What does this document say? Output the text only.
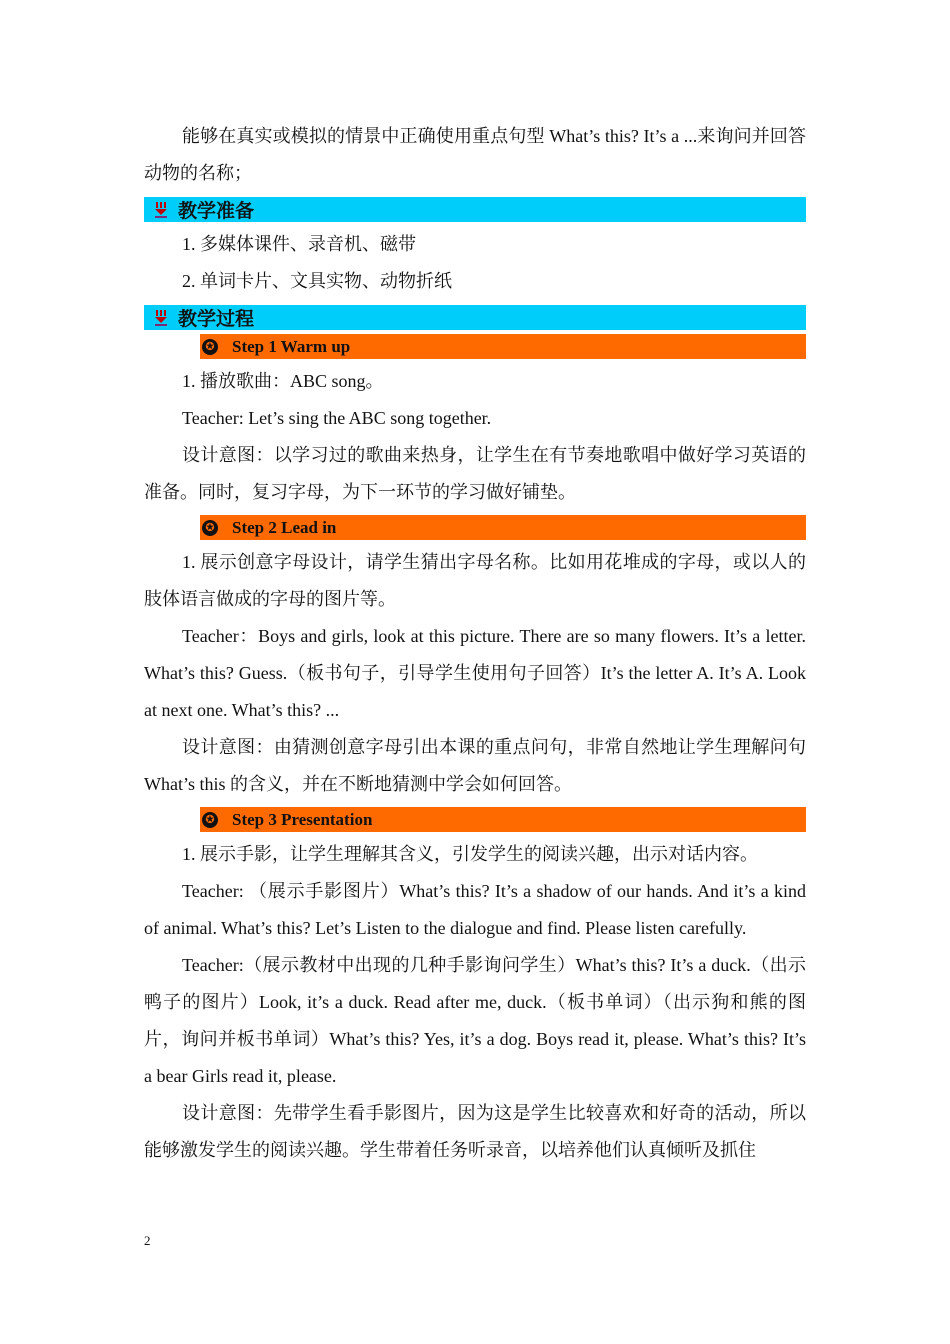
能够在真实或模拟的情景中正确使用重点句型 What’s this? It’s a ...来询问并回答动物的名称；

教学准备

1. 多媒体课件、录音机、磁带

2. 单词卡片、文具实物、动物折纸

教学过程
✪ Step 1 Warm up

1. 播放歌曲：ABC song。

Teacher: Let’s sing the ABC song together.

设计意图：以学习过的歌曲来热身，让学生在有节奏地歌唱中做好学习英语的准备。同时，复习字母，为下一环节的学习做好铺垫。

✪ Step 2 Lead in

1. 展示创意字母设计，请学生猜出字母名称。比如用花堆成的字母，或以人的肢体语言做成的字母的图片等。

Teacher：Boys and girls, look at this picture. There are so many flowers. It’s a letter. What’s this? Guess.（板书句子，引导学生使用句子回答）It’s the letter A. It’s A. Look at next one. What’s this? ...

设计意图：由猜测创意字母引出本课的重点问句，非常自然地让学生理解问句 What’s this 的含义，并在不断地猜测中学会如何回答。

✪ Step 3 Presentation

1. 展示手影，让学生理解其含义，引发学生的阅读兴趣，出示对话内容。

Teacher: （展示手影图片）What’s this? It’s a shadow of our hands. And it’s a kind of animal. What’s this? Let’s Listen to the dialogue and find. Please listen carefully.

Teacher:（展示教材中出现的几种手影询问学生）What’s this? It’s a duck.（出示鸭子的图片）Look, it’s a duck. Read after me, duck.（板书单词）（出示狗和熊的图片，询问并板书单词）What’s this? Yes, it’s a dog. Boys read it, please. What’s this? It’s a bear Girls read it, please.

设计意图：先带学生看手影图片，因为这是学生比较喜欢和好奇的活动，所以能够激发学生的阅读兴趣。学生带着任务听录音，以培养他们认真倾听及抓住

2
